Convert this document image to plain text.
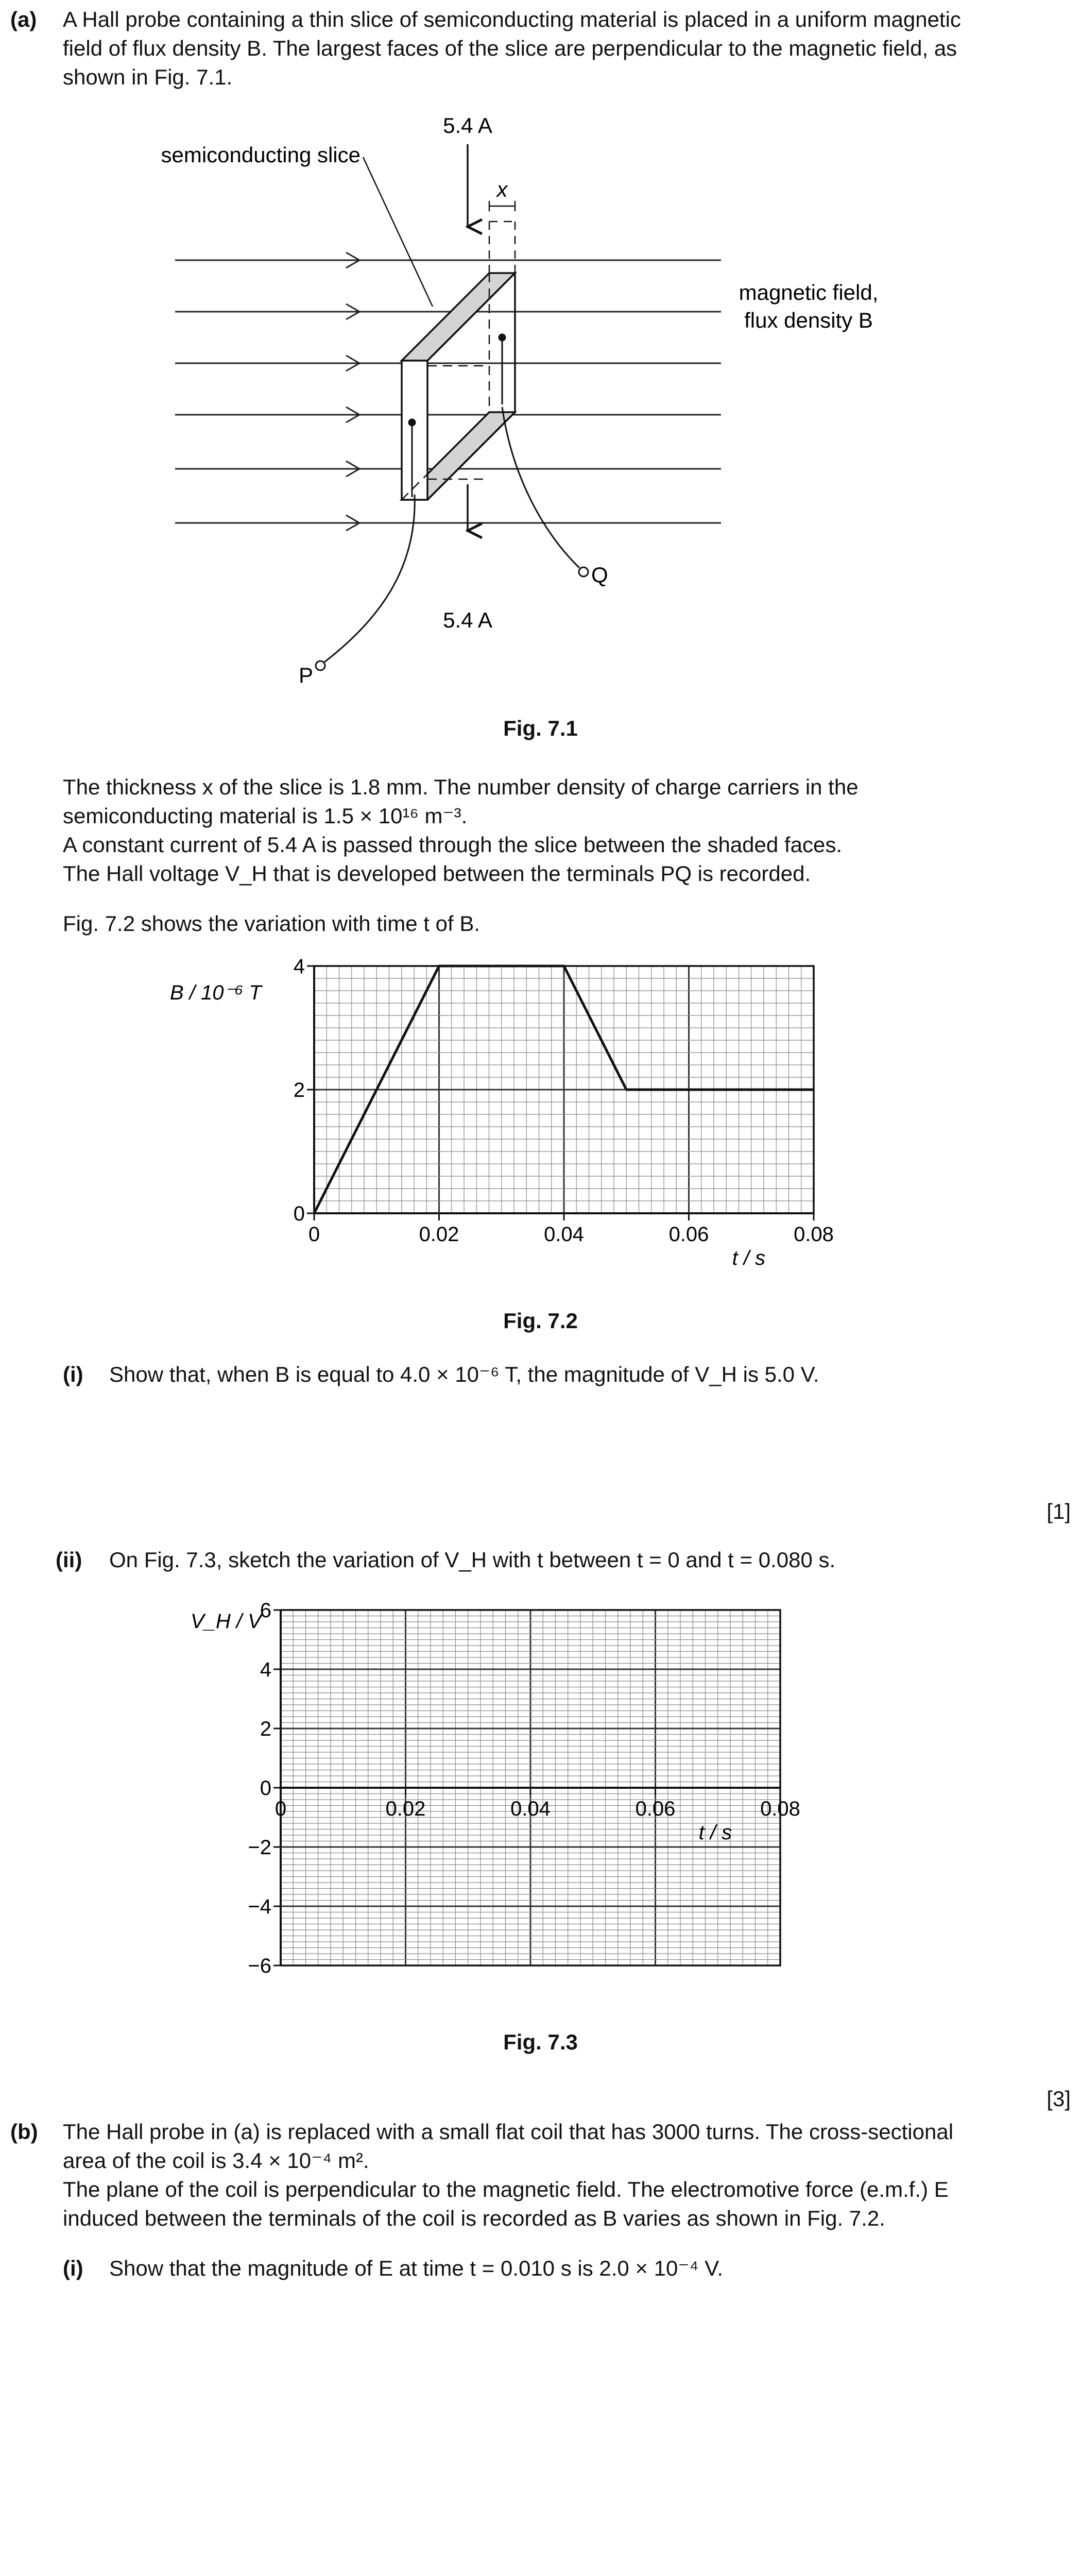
(a) A Hall probe containing a thin slice of semiconducting material is placed in a uniform magnetic
field of flux density B. The largest faces of the slice are perpendicular to the magnetic field, as
shown in Fig. 7.1.
5.4 A
5.4 A
semiconducting slice
x
magnetic field,
flux density B
P
Q
Fig. 7.1
The thickness x of the slice is 1.8 mm. The number density of charge carriers in the
semiconducting material is 1.5 × 10¹⁶ m⁻³.
A constant current of 5.4 A is passed through the slice between the shaded faces.
The Hall voltage V_H that is developed between the terminals PQ is recorded.
Fig. 7.2 shows the variation with time t of B.
0
2
4
0	0.02	0.04	0.06	0.08
B / 10⁻⁶ T
t / s
Fig. 7.2
(i) Show that, when B is equal to 4.0 × 10⁻⁶ T, the magnitude of V_H is 5.0 V.
[1]
(ii) On Fig. 7.3, sketch the variation of V_H with t between t = 0 and t = 0.080 s.
−6
−4
−2
0
2
4
6
0	0.02	0.04	0.06	0.08
V_H / V
t / s
Fig. 7.3
[3]
(b) The Hall probe in (a) is replaced with a small flat coil that has 3000 turns. The cross-sectional
area of the coil is 3.4 × 10⁻⁴ m².
The plane of the coil is perpendicular to the magnetic field. The electromotive force (e.m.f.) E
induced between the terminals of the coil is recorded as B varies as shown in Fig. 7.2.
(i) Show that the magnitude of E at time t = 0.010 s is 2.0 × 10⁻⁴ V.
